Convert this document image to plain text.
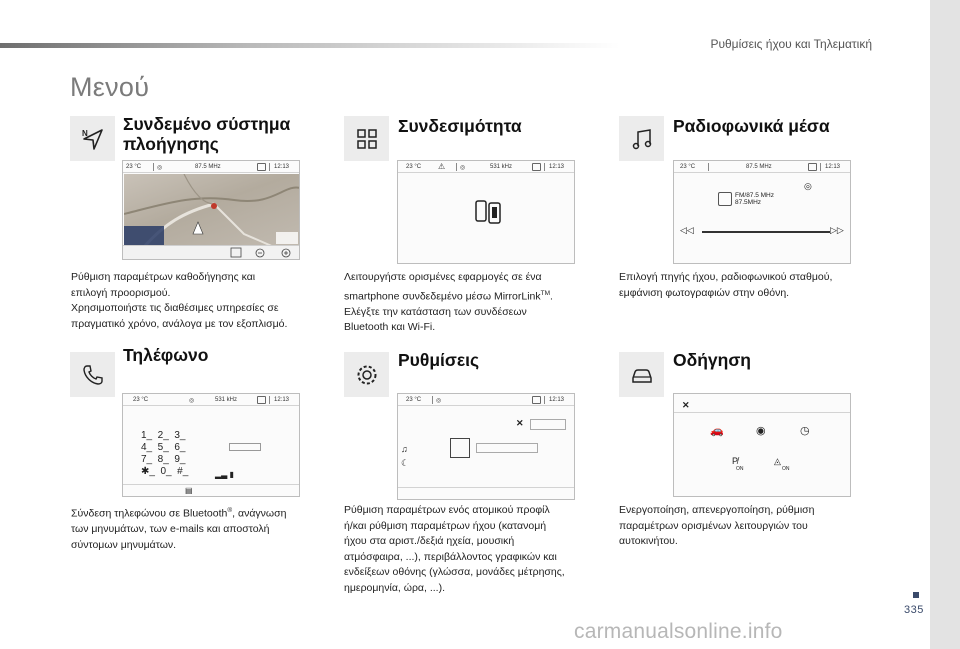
Ρυθμίσεις ήχου και Τηλεματική
Μενού
N Συνδεμένο σύστημα
πλοήγησης
23 °C	◎	87.5 MHz	12:13

Ρύθμιση παραμέτρων καθοδήγησης και

επιλογή προορισμού.

Χρησιμοποιήστε τις διαθέσιμες υπηρεσίες σε

πραγματικό χρόνο, ανάλογα με τον εξοπλισμό.

Συνδεσιμότητα
23 °C ⚠ ◎	531 kHz	12:13

Λειτουργήστε ορισμένες εφαρμογές σε ένα

smartphone συνδεδεμένο μέσω MirrorLink™.

Ελέγξτε την κατάσταση των συνδέσεων

Bluetooth και Wi-Fi.

Ραδιοφωνικά μέσα
23 °C	87.5 MHz	12:13
◎
FM/87.5 MHz
87.5MHz
◁◁	▷▷

Επιλογή πηγής ήχου, ραδιοφωνικού σταθμού,

εμφάνιση φωτογραφιών στην οθόνη.

Τηλέφωνο
23 °C	◎	531 kHz	12:13
1_  2_  3_
4_  5_  6_
7_  8_  9_
✱_  0_  #_	▂▃ ▮
▤

Σύνδεση τηλεφώνου σε Bluetooth®, ανάγνωση

των μηνυμάτων, των e-mails και αποστολή

σύντομων μηνυμάτων.

Ρυθμίσεις
23 °C ◎	12:13
✕
♫
☾

Ρύθμιση παραμέτρων ενός ατομικού προφίλ

ή/και ρύθμιση παραμέτρων ήχου (κατανομή

ήχου στα αριστ./δεξιά ηχεία, μουσική

ατμόσφαιρα, ...), περιβάλλοντος γραφικών και

ενδείξεων οθόνης (γλώσσα, μονάδες μέτρησης,

ημερομηνία, ώρα, ...).

Οδήγηση
✕
🚗	◉	◷
P̸
ON
◬
ON

Ενεργοποίηση, απενεργοποίηση, ρύθμιση

παραμέτρων ορισμένων λειτουργιών του

αυτοκινήτου.

335
carmanualsonline.info
